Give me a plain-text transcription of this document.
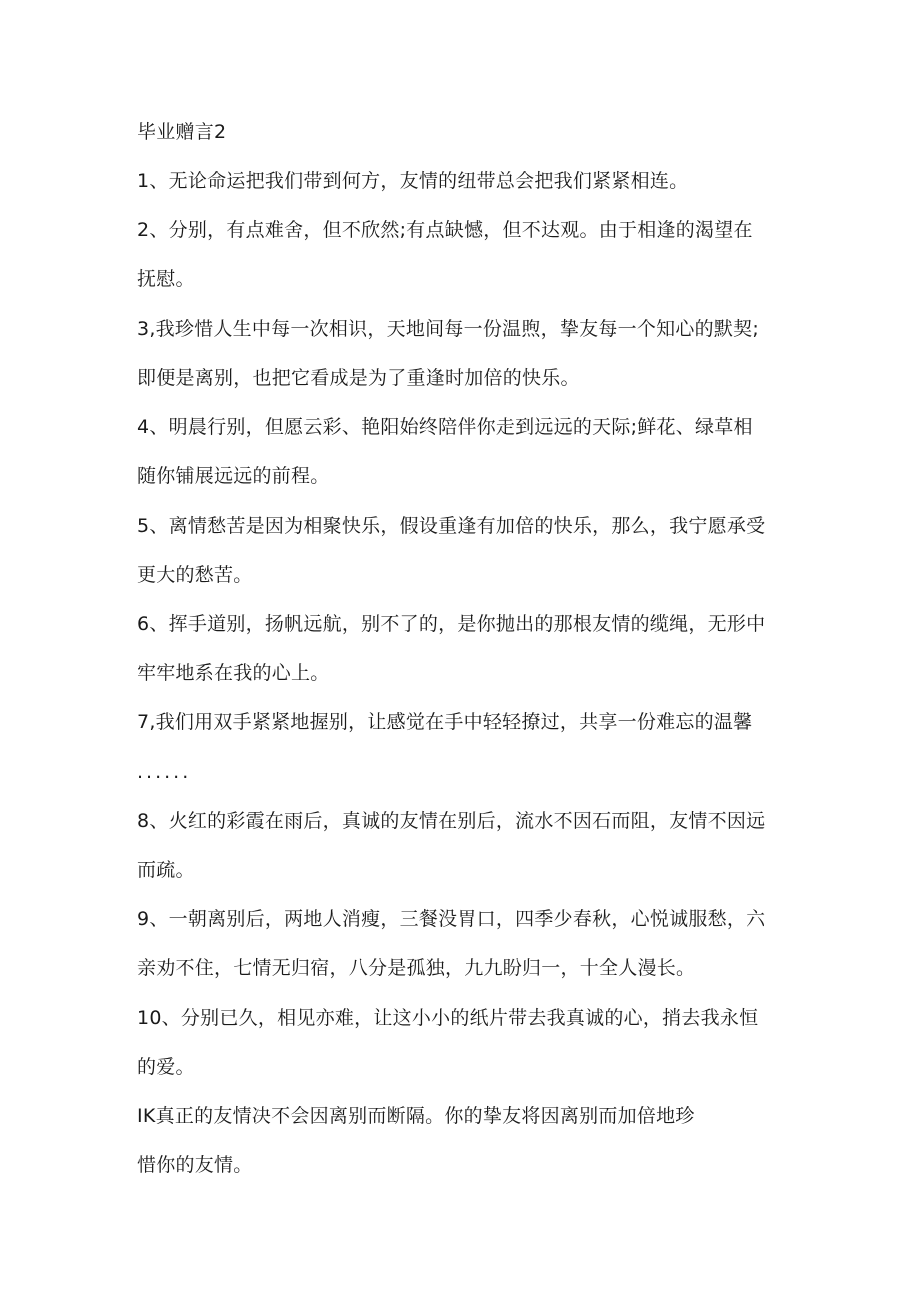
毕业赠言2

1、无论命运把我们带到何方，友情的纽带总会把我们紧紧相连。

2、分别，有点难舍，但不欣然;有点缺憾，但不达观。由于相逢的渴望在

抚慰。

3,我珍惜人生中每一次相识，天地间每一份温煦，挚友每一个知心的默契;

即便是离别，也把它看成是为了重逢时加倍的快乐。

4、明晨行别，但愿云彩、艳阳始终陪伴你走到远远的天际;鲜花、绿草相

随你铺展远远的前程。

5、离情愁苦是因为相聚快乐，假设重逢有加倍的快乐，那么，我宁愿承受

更大的愁苦。

6、挥手道别，扬帆远航，别不了的，是你抛出的那根友情的缆绳，无形中

牢牢地系在我的心上。

7,我们用双手紧紧地握别，让感觉在手中轻轻撩过，共享一份难忘的温馨

......

8、火红的彩霞在雨后，真诚的友情在别后，流水不因石而阻，友情不因远

而疏。

9、一朝离别后，两地人消瘦，三餐没胃口，四季少春秋，心悦诚服愁，六

亲劝不住，七情无归宿，八分是孤独，九九盼归一，十全人漫长。

10、分别已久，相见亦难，让这小小的纸片带去我真诚的心，捎去我永恒

的爱。

IK真正的友情决不会因离别而断隔。你的挚友将因离别而加倍地珍

惜你的友情。
